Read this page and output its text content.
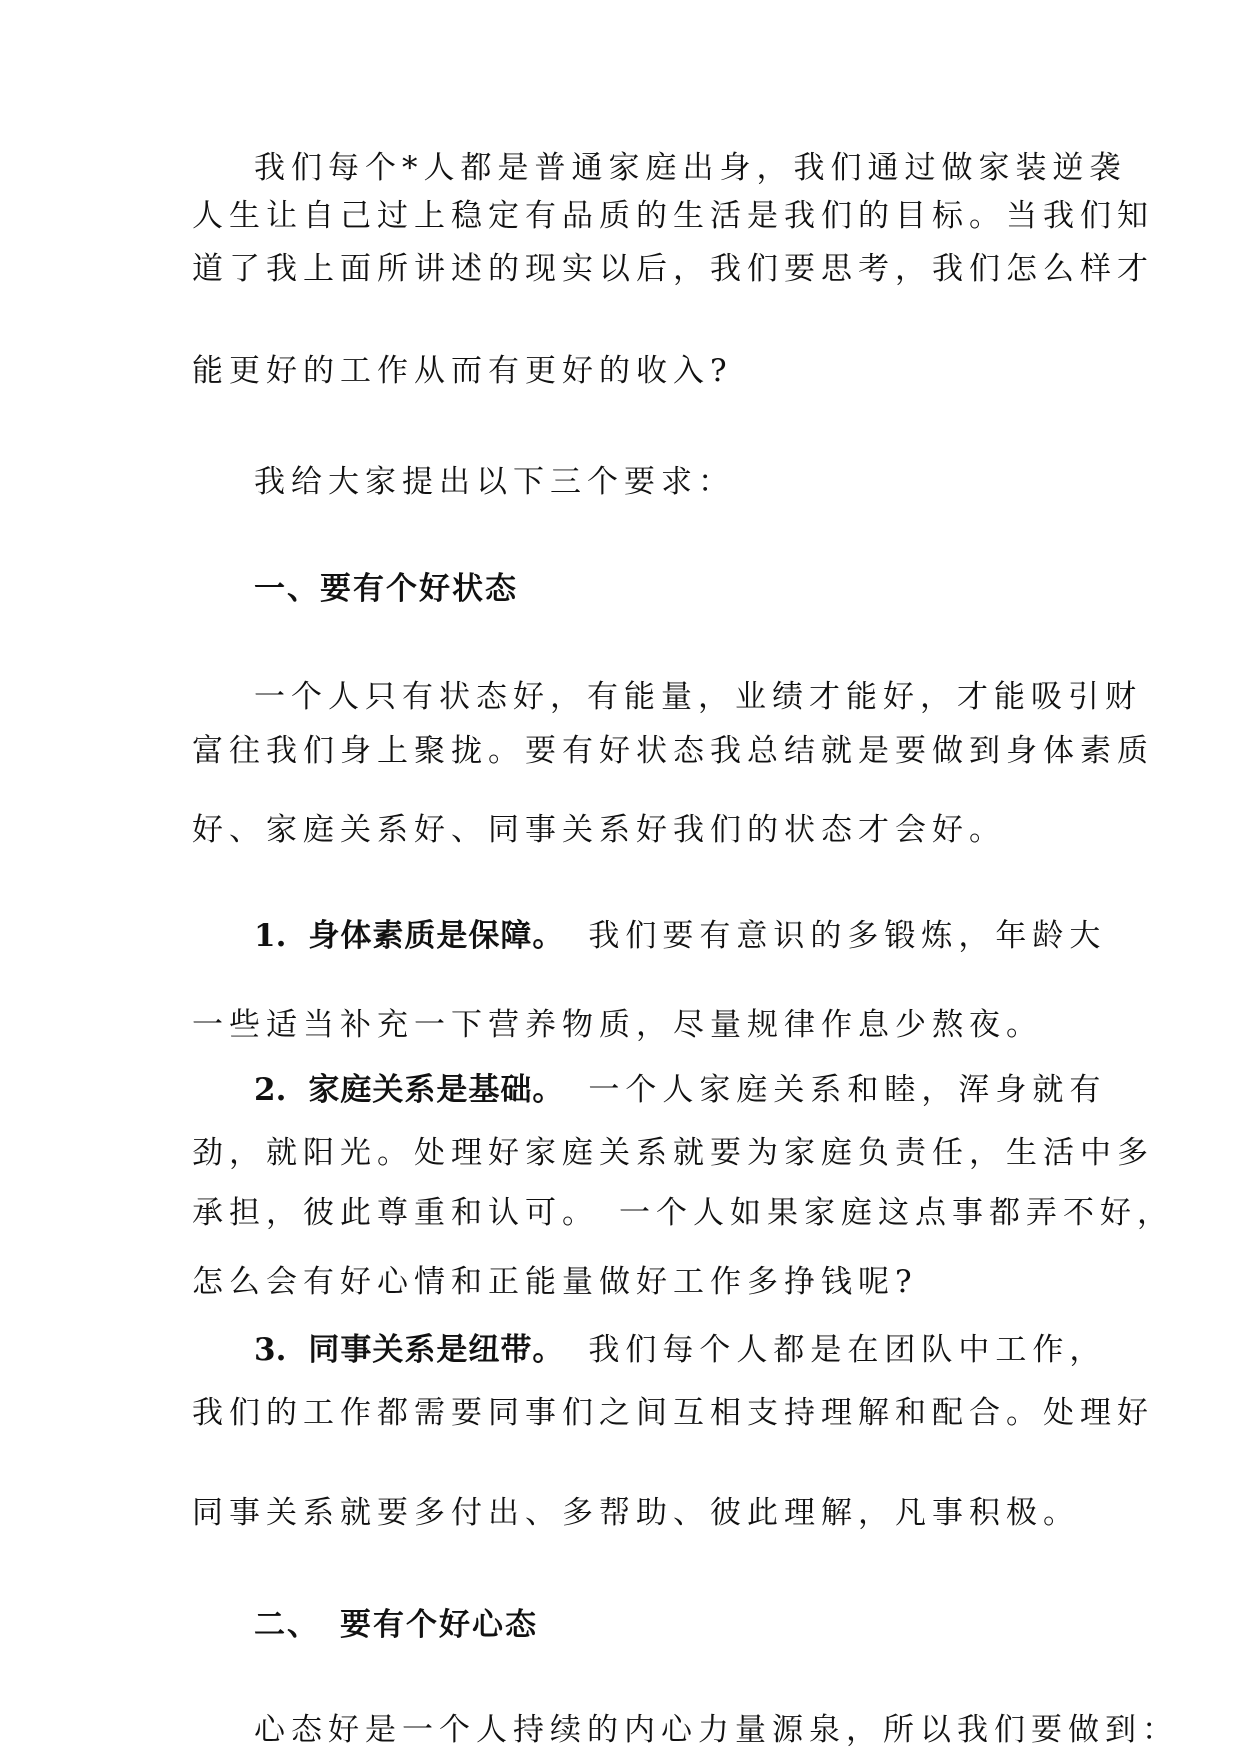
我们每个*人都是普通家庭出身，我们通过做家装逆袭
人生让自己过上稳定有品质的生活是我们的目标。当我们知
道了我上面所讲述的现实以后，我们要思考，我们怎么样才
能更好的工作从而有更好的收入?
我给大家提出以下三个要求：
一、要有个好状态
一个人只有状态好，有能量，业绩才能好，才能吸引财
富往我们身上聚拢。要有好状态我总结就是要做到身体素质
好、家庭关系好、同事关系好我们的状态才会好。
1. 身体素质是保障。 我们要有意识的多锻炼，年龄大
一些适当补充一下营养物质，尽量规律作息少熬夜。
2. 家庭关系是基础。 一个人家庭关系和睦，浑身就有
劲，就阳光。处理好家庭关系就要为家庭负责任，生活中多
承担，彼此尊重和认可。 一个人如果家庭这点事都弄不好，
怎么会有好心情和正能量做好工作多挣钱呢?
3. 同事关系是纽带。 我们每个人都是在团队中工作，
我们的工作都需要同事们之间互相支持理解和配合。处理好
同事关系就要多付出、多帮助、彼此理解，凡事积极。
二、 要有个好心态
心态好是一个人持续的内心力量源泉，所以我们要做到：
